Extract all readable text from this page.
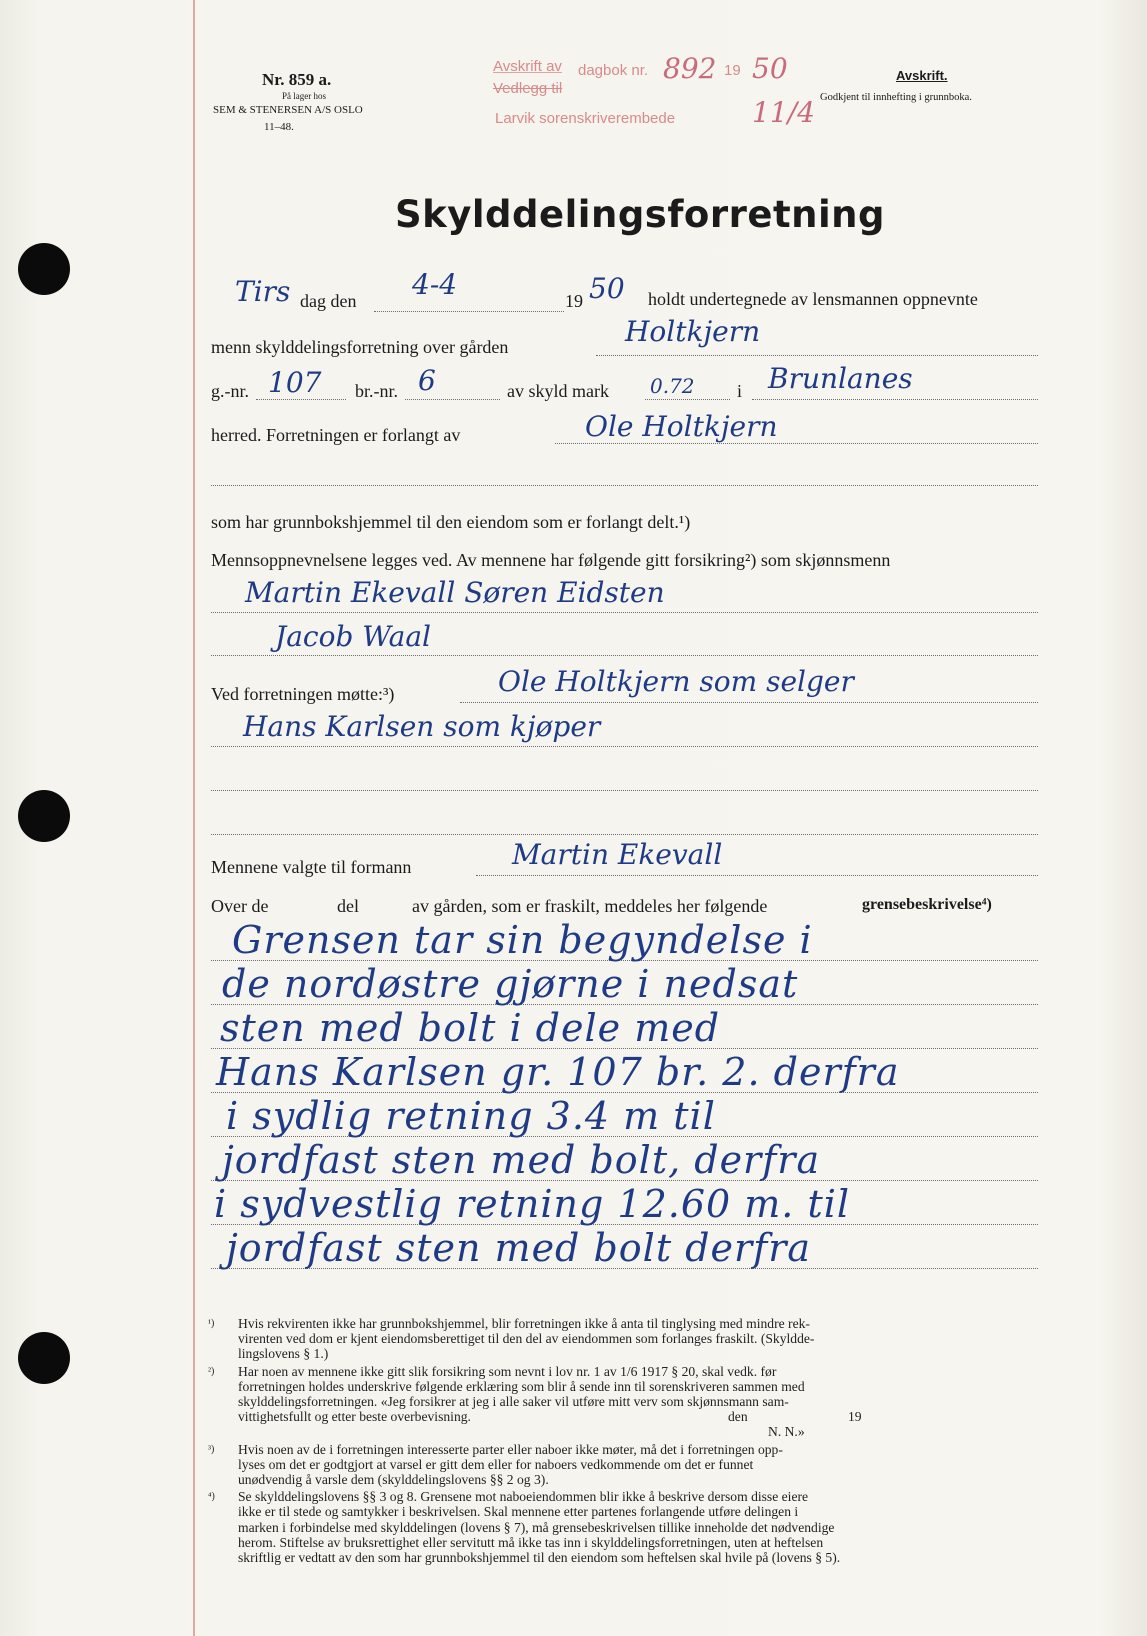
Nr. 859 a.
På lager hos
SEM & STENERSEN A/S OSLO
11–48.
Avskrift av
Vedlegg til
Larvik sorenskriverembede
dagbok nr. 892 19 50
11/4
Avskrift.
Godkjent til innhefting i grunnboka.
Skylddelingsforretning
Tirs dag den 4-4	19 50 holdt undertegnede av lensmannen oppnevnte
menn skylddelingsforretning over gården	Holtkjern
g.-nr. 107 br.-nr. 6	av skyld mark 0.72 i Brunlanes
herred. Forretningen er forlangt av	Ole Holtkjern
som har grunnbokshjemmel til den eiendom som er forlangt delt.¹)
Mennsoppnevnelsene legges ved. Av mennene har følgende gitt forsikring²) som skjønnsmenn
Martin Ekevall Søren Eidsten
Jacob Waal
Ved forretningen møtte:³)	Ole Holtkjern som selger
Hans Karlsen som kjøper
Mennene valgte til formann	Martin Ekevall
Over de	del	av gården, som er fraskilt, meddeles her følgende	grensebeskrivelse⁴)
Grensen tar sin begyndelse i
de nordøstre gjørne i nedsat
sten med bolt i dele med
Hans Karlsen gr. 107 br. 2. derfra
i sydlig retning 3.4 m til
jordfast sten med bolt, derfra
i sydvestlig retning 12.60 m. til
jordfast sten med bolt derfra
¹) Hvis rekvirenten ikke har grunnbokshjemmel, blir forretningen ikke å anta til tinglysing med mindre rek-
virenten ved dom er kjent eiendomsberettiget til den del av eiendommen som forlanges fraskilt. (Skyldde-
lingslovens § 1.)
²) Har noen av mennene ikke gitt slik forsikring som nevnt i lov nr. 1 av 1/6 1917 § 20, skal vedk. før
forretningen holdes underskrive følgende erklæring som blir å sende inn til sorenskriveren sammen med
skylddelingsforretningen. «Jeg forsikrer at jeg i alle saker vil utføre mitt verv som skjønnsmann sam-
vittighetsfullt og etter beste overbevisning.	den	19
N. N.»
³) Hvis noen av de i forretningen interesserte parter eller naboer ikke møter, må det i forretningen opp-
lyses om det er godtgjort at varsel er gitt dem eller for naboers vedkommende om det er funnet
unødvendig å varsle dem (skylddelingslovens §§ 2 og 3).
⁴) Se skylddelingslovens §§ 3 og 8. Grensene mot naboeiendommen blir ikke å beskrive dersom disse eiere
ikke er til stede og samtykker i beskrivelsen. Skal mennene etter partenes forlangende utføre delingen i
marken i forbindelse med skylddelingen (lovens § 7), må grensebeskrivelsen tillike inneholde det nødvendige
herom. Stiftelse av bruksrettighet eller servitutt må ikke tas inn i skylddelingsforretningen, uten at heftelsen
skriftlig er vedtatt av den som har grunnbokshjemmel til den eiendom som heftelsen skal hvile på (lovens § 5).
